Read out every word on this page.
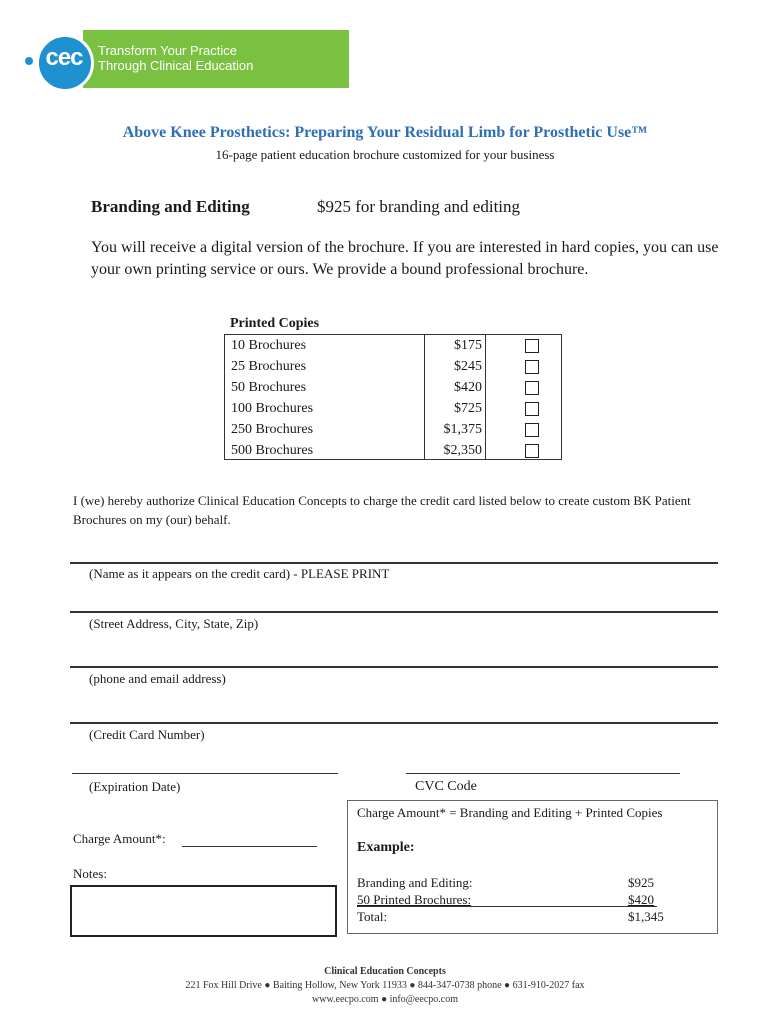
Transform Your Practice
Through Clinical Education
cec
Above Knee Prosthetics: Preparing Your Residual Limb for Prosthetic Use™
16-page patient education brochure customized for your business
Branding and Editing	$925 for branding and editing
You will receive a digital version of the brochure. If you are interested in hard copies, you can use your own printing service or ours. We provide a bound professional brochure.
Printed Copies
10 Brochures	$175
25 Brochures	$245
50 Brochures	$420
100 Brochures	$725
250 Brochures	$1,375
500 Brochures	$2,350
I (we) hereby authorize Clinical Education Concepts to charge the credit card listed below to create custom BK Patient Brochures on my (our) behalf.
(Name as it appears on the credit card) - PLEASE PRINT
(Street Address, City, State, Zip)
(phone and email address)
(Credit Card Number)
(Expiration Date)	CVC Code
Charge Amount*:
Notes:
Charge Amount* = Branding and Editing + Printed Copies
Example:
Branding and Editing:	$925
50 Printed Brochures:	$420
Total:	$1,345
Clinical Education Concepts
221 Fox Hill Drive ● Baiting Hollow, New York 11933 ● 844-347-0738 phone ● 631-910-2027 fax
www.eecpo.com ● info@eecpo.com
